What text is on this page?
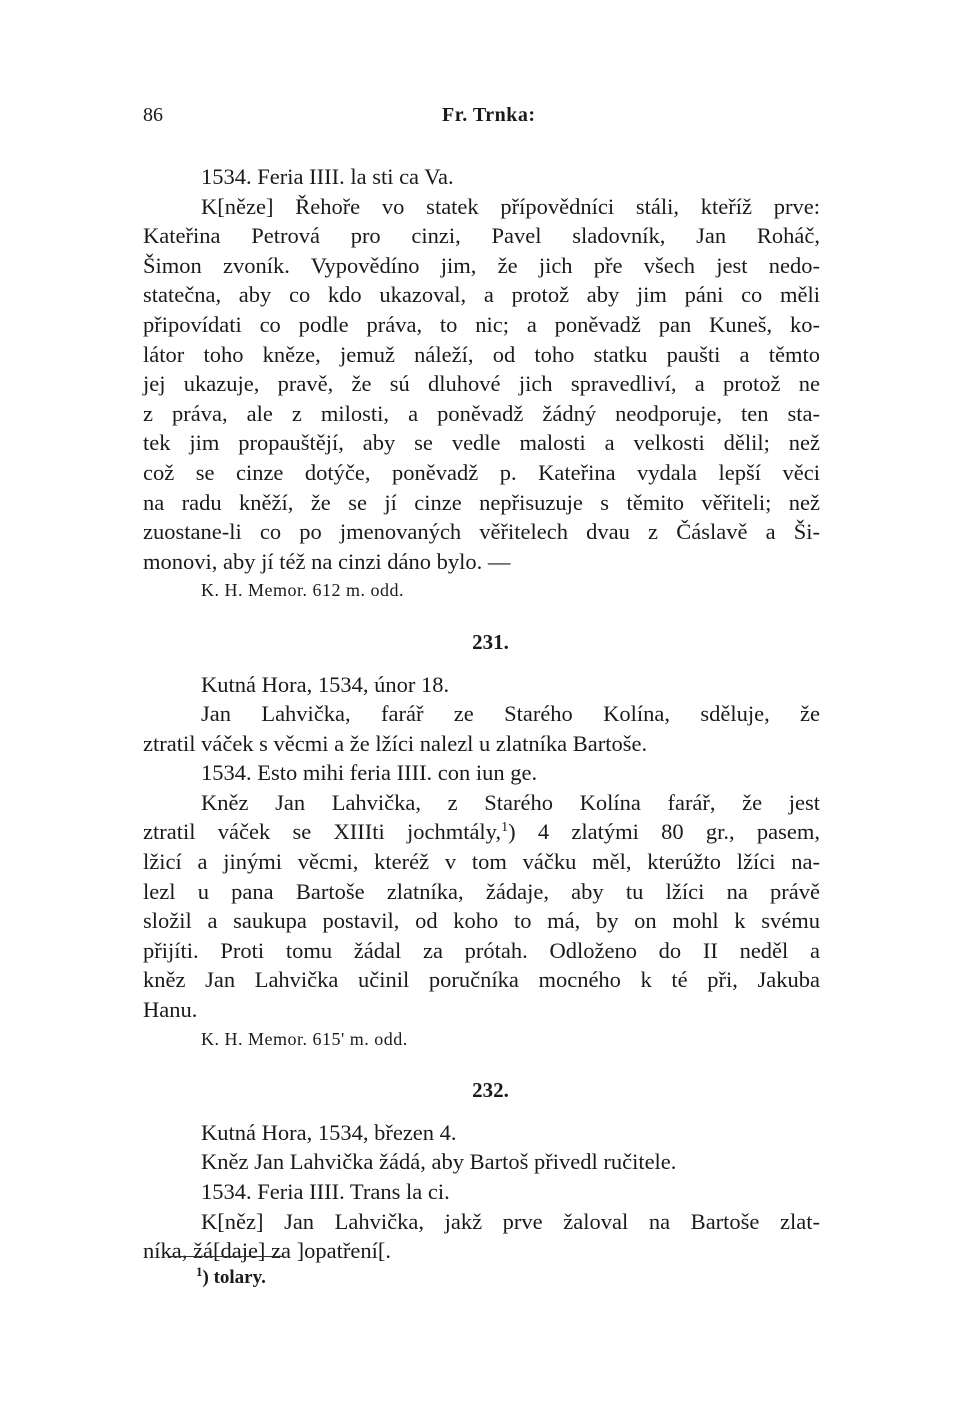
86	Fr. Trnka:
1534. Feria IIII. la sti ca Va.
K[něze] Řehoře vo statek přípovědníci stáli, kteříž prve:
Kateřina Petrová pro cinzi, Pavel sladovník, Jan Roháč,
Šimon zvoník. Vypovědíno jim, že jich pře všech jest nedo-
statečna, aby co kdo ukazoval, a protož aby jim páni co měli
připovídati co podle práva, to nic; a poněvadž pan Kuneš, ko-
látor toho kněze, jemuž náleží, od toho statku paušti a těmto
jej ukazuje, pravě, že sú dluhové jich spravedliví, a protož ne
z práva, ale z milosti, a poněvadž žádný neodporuje, ten sta-
tek jim propauštějí, aby se vedle malosti a velkosti dělil; než
což se cinze dotýče, poněvadž p. Kateřina vydala lepší věci
na radu kněží, že se jí cinze nepřisuzuje s těmito věřiteli; než
zuostane-li co po jmenovaných věřitelech dvau z Čáslavě a Ši-
monovi, aby jí též na cinzi dáno bylo. —
K. H. Memor. 612 m. odd.
231.
Kutná Hora, 1534, únor 18.
Jan Lahvička, farář ze Starého Kolína, sděluje, že
ztratil váček s věcmi a že lžíci nalezl u zlatníka Bartoše.
1534. Esto mihi feria IIII. con iun ge.
Kněz Jan Lahvička, z Starého Kolína farář, že jest
ztratil váček se XIIIti jochmtály,$^1$) 4 zlatými 80 gr., pasem,
lžicí a jinými věcmi, kteréž v tom váčku měl, kterúžto lžíci na-
lezl u pana Bartoše zlatníka, žádaje, aby tu lžíci na právě
složil a saukupa postavil, od koho to má, by on mohl k svému
přijíti. Proti tomu žádal za prótah. Odloženo do II neděl a
kněz Jan Lahvička učinil poručníka mocného k té při, Jakuba
Hanu.
K. H. Memor. 615' m. odd.
232.
Kutná Hora, 1534, březen 4.
Kněz Jan Lahvička žádá, aby Bartoš přivedl ručitele.
1534. Feria IIII. Trans la ci.
K[něz] Jan Lahvička, jakž prve žaloval na Bartoše zlat-
níka, žá[daje] za ]opatření[.
$^1$) tolary.
